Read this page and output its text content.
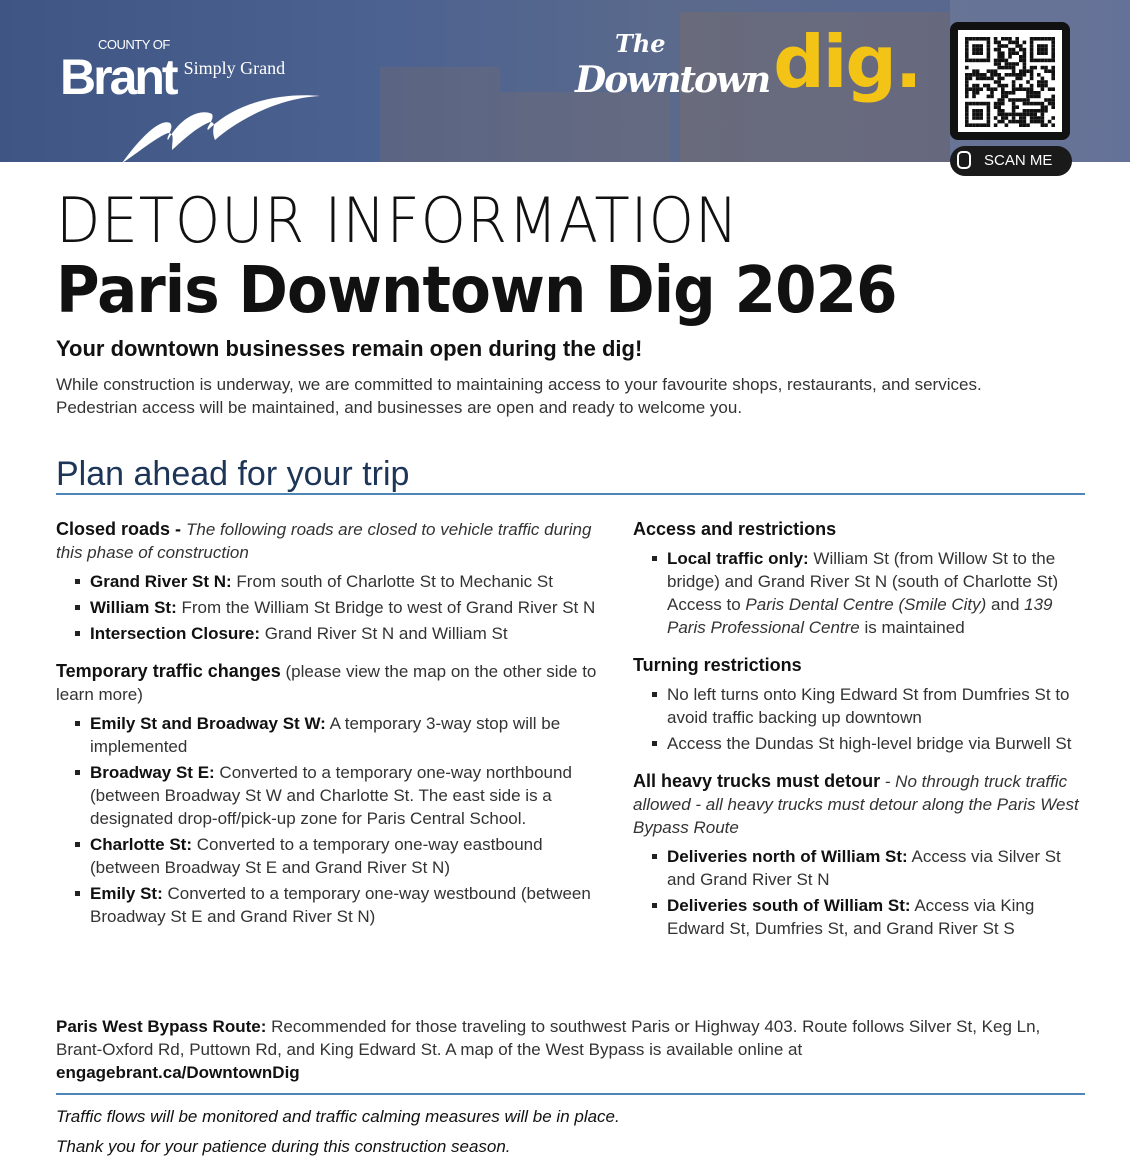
COUNTY OF
Brant Simply Grand
The
Downtown dig.
SCAN ME
DETOUR INFORMATION
Paris Downtown Dig 2026
Your downtown businesses remain open during the dig!
While construction is underway, we are committed to maintaining access to your favourite shops, restaurants, and services. Pedestrian access will be maintained, and businesses are open and ready to welcome you.
Plan ahead for your trip

Closed roads - The following roads are closed to vehicle traffic during this phase of construction

Grand River St N: From south of Charlotte St to Mechanic St
William St: From the William St Bridge to west of Grand River St N
Intersection Closure: Grand River St N and William St

Temporary traffic changes (please view the map on the other side to learn more)

Emily St and Broadway St W: A temporary 3-way stop will be implemented
Broadway St E: Converted to a temporary one-way northbound (between Broadway St W and Charlotte St. The east side is a designated drop-off/pick-up zone for Paris Central School.
Charlotte St: Converted to a temporary one-way eastbound (between Broadway St E and Grand River St N)
Emily St: Converted to a temporary one-way westbound (between Broadway St E and Grand River St N)

Access and restrictions

Local traffic only: William St (from Willow St to the bridge) and Grand River St N (south of Charlotte St)
Access to Paris Dental Centre (Smile City) and 139 Paris Professional Centre is maintained

Turning restrictions

No left turns onto King Edward St from Dumfries St to avoid traffic backing up downtown
Access the Dundas St high-level bridge via Burwell St

All heavy trucks must detour - No through truck traffic allowed - all heavy trucks must detour along the Paris West Bypass Route

Deliveries north of William St: Access via Silver St and Grand River St N
Deliveries south of William St: Access via King Edward St, Dumfries St, and Grand River St S
Paris West Bypass Route: Recommended for those traveling to southwest Paris or Highway 403. Route follows Silver St, Keg Ln, Brant-Oxford Rd, Puttown Rd, and King Edward St. A map of the West Bypass is available online at
engagebrant.ca/DowntownDig
Traffic flows will be monitored and traffic calming measures will be in place.
Thank you for your patience during this construction season.
